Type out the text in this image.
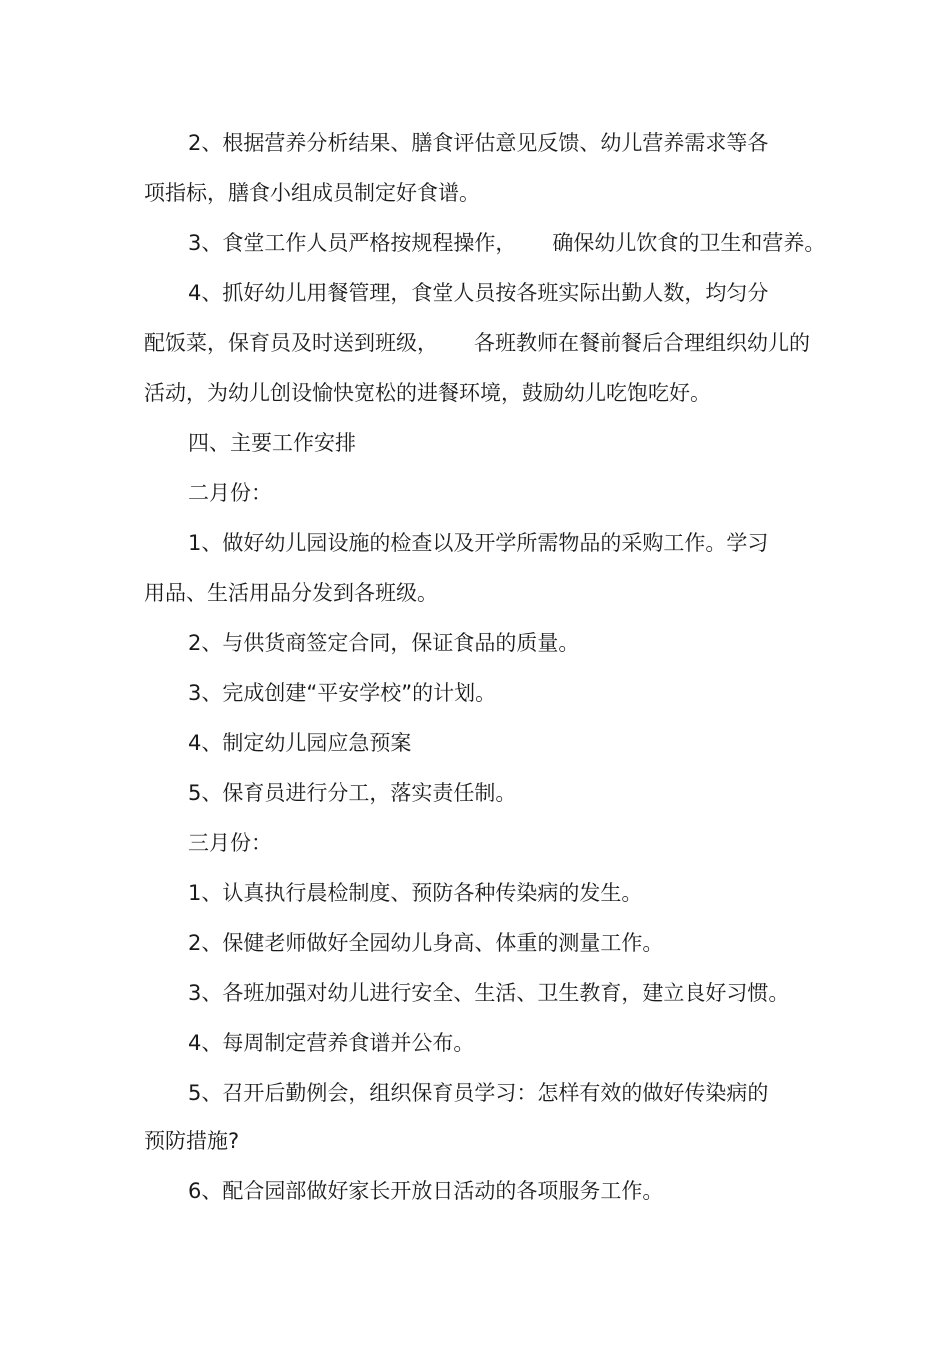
2、根据营养分析结果、膳食评估意见反馈、幼儿营养需求等各
项指标，膳食小组成员制定好食谱。
3、食堂工作人员严格按规程操作， 确保幼儿饮食的卫生和营养。
4、抓好幼儿用餐管理，食堂人员按各班实际出勤人数，均匀分
配饭菜，保育员及时送到班级， 各班教师在餐前餐后合理组织幼儿的
活动，为幼儿创设愉快宽松的进餐环境，鼓励幼儿吃饱吃好。
四、主要工作安排
二月份：
1、做好幼儿园设施的检查以及开学所需物品的采购工作。学习
用品、生活用品分发到各班级。
2、与供货商签定合同，保证食品的质量。
3、完成创建“平安学校”的计划。
4、制定幼儿园应急预案
5、保育员进行分工，落实责任制。
三月份：
1、认真执行晨检制度、预防各种传染病的发生。
2、保健老师做好全园幼儿身高、体重的测量工作。
3、各班加强对幼儿进行安全、生活、卫生教育，建立良好习惯。
4、每周制定营养食谱并公布。
5、召开后勤例会，组织保育员学习：怎样有效的做好传染病的
预防措施?
6、配合园部做好家长开放日活动的各项服务工作。
